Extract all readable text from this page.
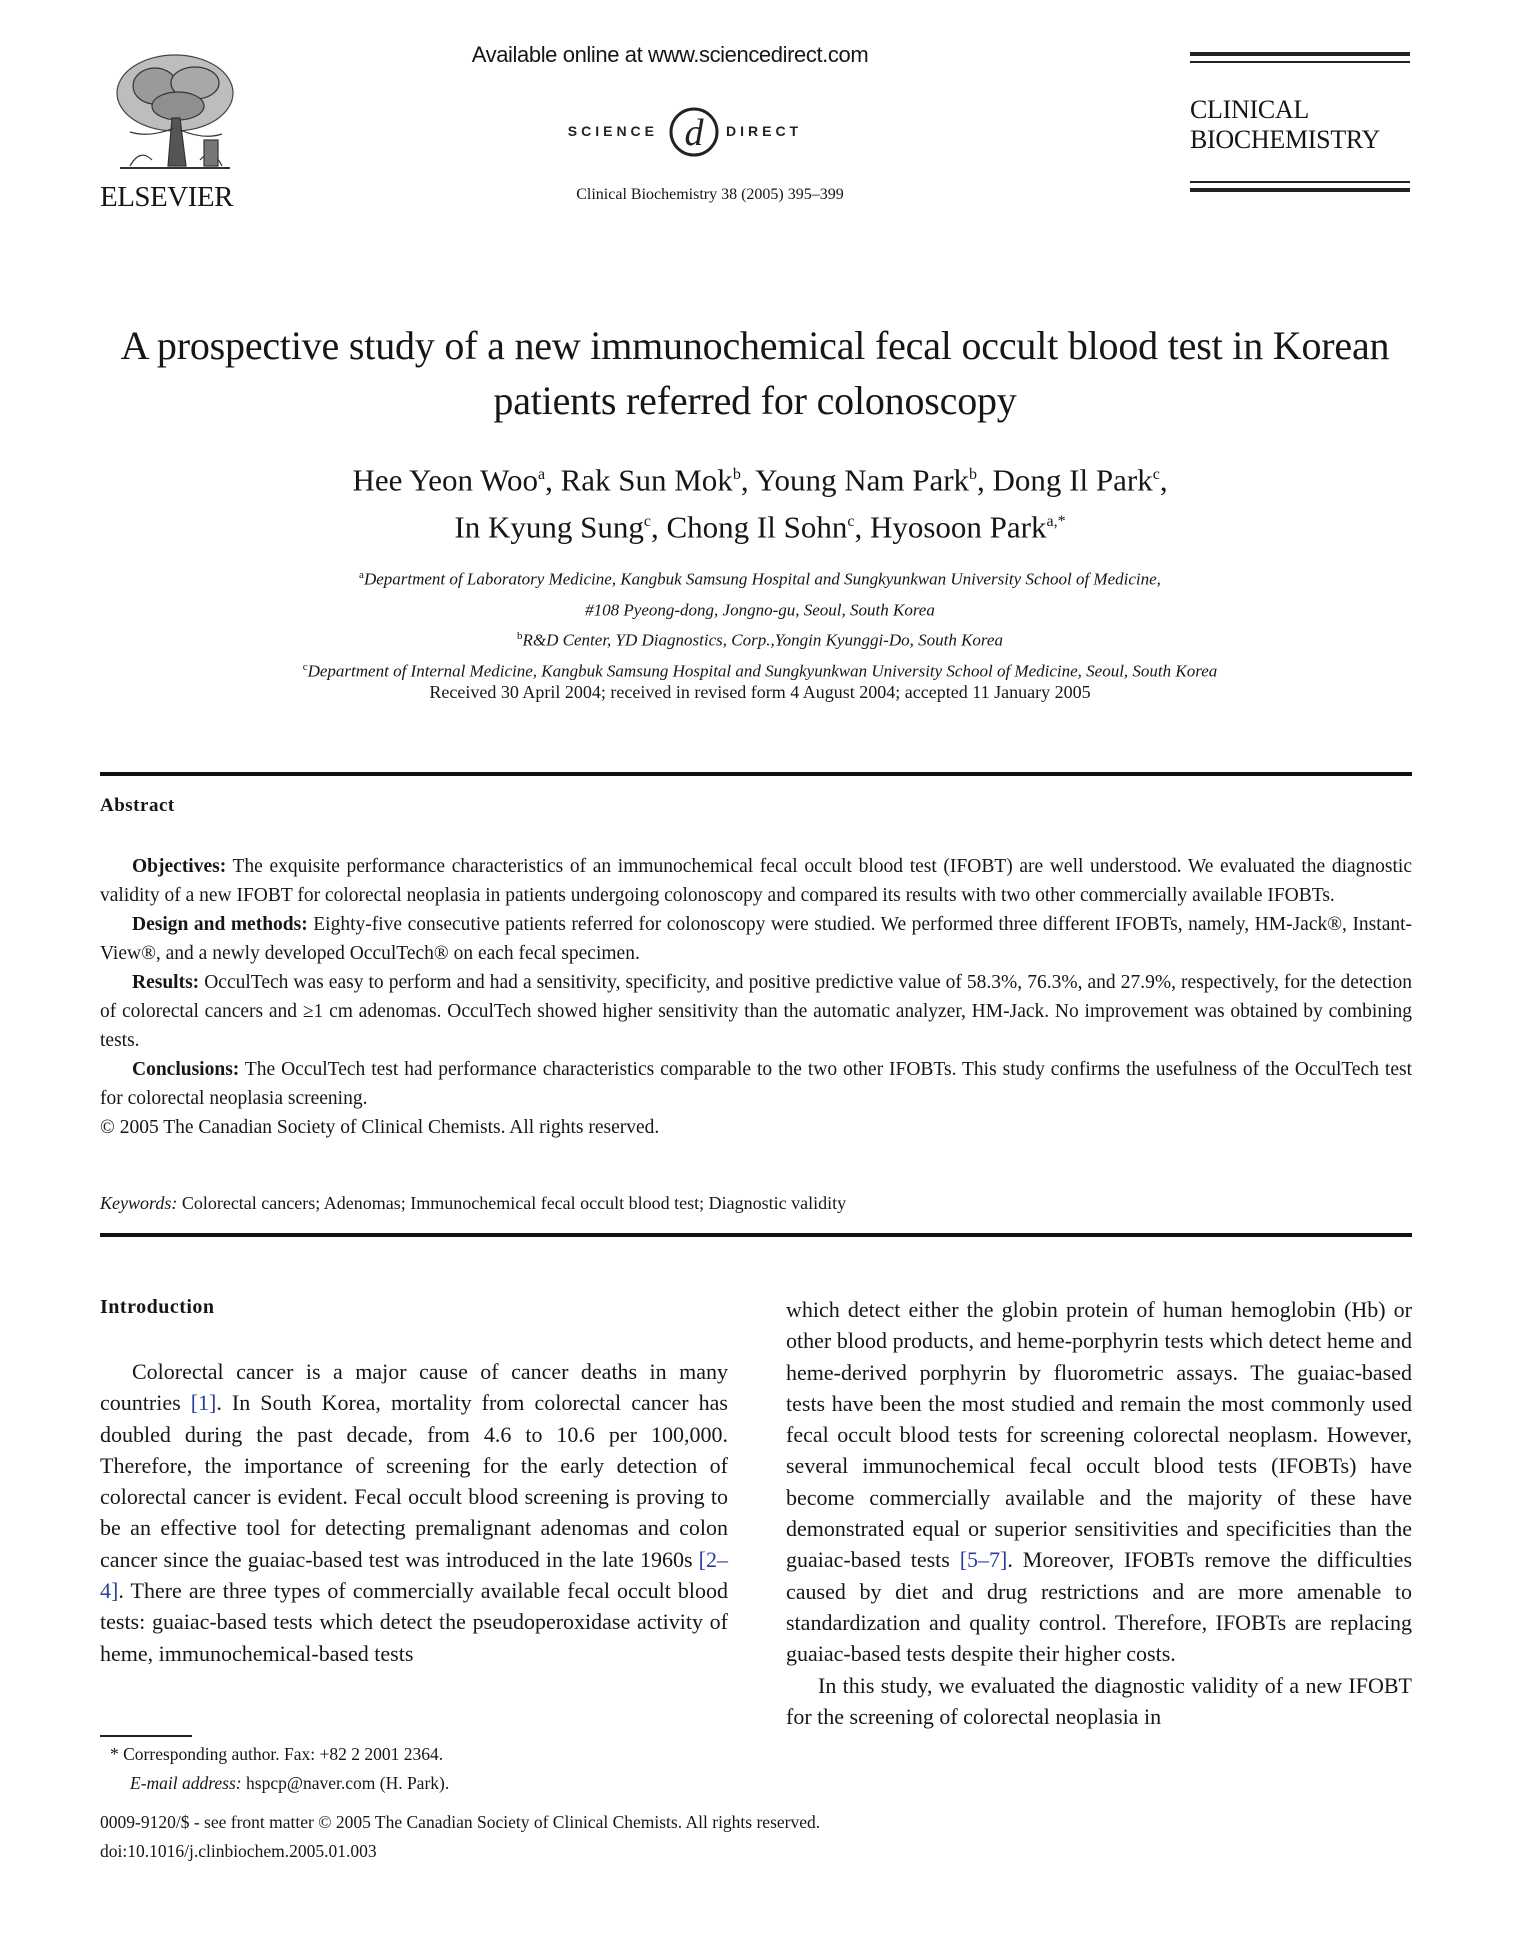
ELSEVIER
Available online at www.sciencedirect.com
SCIENCE d DIRECT
Clinical Biochemistry 38 (2005) 395–399
CLINICAL
BIOCHEMISTRY
A prospective study of a new immunochemical fecal occult blood test in Korean patients referred for colonoscopy
Hee Yeon Woo$^a$, Rak Sun Mok$^b$, Young Nam Park$^b$, Dong Il Park$^c$,
In Kyung Sung$^c$, Chong Il Sohn$^c$, Hyosoon Park$^{a,*}$
$^a$Department of Laboratory Medicine, Kangbuk Samsung Hospital and Sungkyunkwan University School of Medicine,
#108 Pyeong-dong, Jongno-gu, Seoul, South Korea
$^b$R&D Center, YD Diagnostics, Corp.,Yongin Kyunggi-Do, South Korea
$^c$Department of Internal Medicine, Kangbuk Samsung Hospital and Sungkyunkwan University School of Medicine, Seoul, South Korea
Received 30 April 2004; received in revised form 4 August 2004; accepted 11 January 2005
Abstract

Objectives: The exquisite performance characteristics of an immunochemical fecal occult blood test (IFOBT) are well understood. We evaluated the diagnostic validity of a new IFOBT for colorectal neoplasia in patients undergoing colonoscopy and compared its results with two other commercially available IFOBTs.

Design and methods: Eighty-five consecutive patients referred for colonoscopy were studied. We performed three different IFOBTs, namely, HM-Jack®, Instant-View®, and a newly developed OcculTech® on each fecal specimen.

Results: OcculTech was easy to perform and had a sensitivity, specificity, and positive predictive value of 58.3%, 76.3%, and 27.9%, respectively, for the detection of colorectal cancers and ≥1 cm adenomas. OcculTech showed higher sensitivity than the automatic analyzer, HM-Jack. No improvement was obtained by combining tests.

Conclusions: The OcculTech test had performance characteristics comparable to the two other IFOBTs. This study confirms the usefulness of the OcculTech test for colorectal neoplasia screening.

© 2005 The Canadian Society of Clinical Chemists. All rights reserved.

Keywords: Colorectal cancers; Adenomas; Immunochemical fecal occult blood test; Diagnostic validity
Introduction

Colorectal cancer is a major cause of cancer deaths in many countries [1]. In South Korea, mortality from colorectal cancer has doubled during the past decade, from 4.6 to 10.6 per 100,000. Therefore, the importance of screening for the early detection of colorectal cancer is evident. Fecal occult blood screening is proving to be an effective tool for detecting premalignant adenomas and colon cancer since the guaiac-based test was introduced in the late 1960s [2–4]. There are three types of commercially available fecal occult blood tests: guaiac-based tests which detect the pseudoperoxidase activity of heme, immunochemical-based tests

which detect either the globin protein of human hemoglobin (Hb) or other blood products, and heme-porphyrin tests which detect heme and heme-derived porphyrin by fluorometric assays. The guaiac-based tests have been the most studied and remain the most commonly used fecal occult blood tests for screening colorectal neoplasm. However, several immunochemical fecal occult blood tests (IFOBTs) have become commercially available and the majority of these have demonstrated equal or superior sensitivities and specificities than the guaiac-based tests [5–7]. Moreover, IFOBTs remove the difficulties caused by diet and drug restrictions and are more amenable to standardization and quality control. Therefore, IFOBTs are replacing guaiac-based tests despite their higher costs.

In this study, we evaluated the diagnostic validity of a new IFOBT for the screening of colorectal neoplasia in

* Corresponding author. Fax: +82 2 2001 2364.
E-mail address: hspcp@naver.com (H. Park).
0009-9120/$ - see front matter © 2005 The Canadian Society of Clinical Chemists. All rights reserved.
doi:10.1016/j.clinbiochem.2005.01.003
